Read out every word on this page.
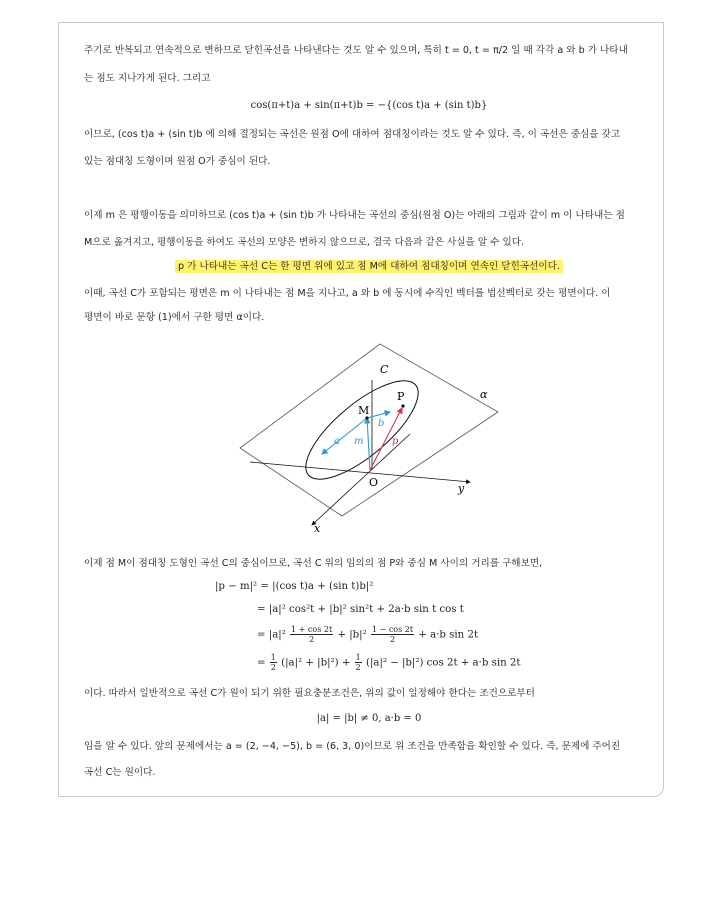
주기로 반복되고 연속적으로 변하므로 닫힌곡선을 나타낸다는 것도 알 수 있으며, 특히 t = 0, t = π/2 일 때 각각 a 와 b 가 나타내

는 점도 지나가게 된다. 그리고

cos(π+t)a + sin(π+t)b = −{(cos t)a + (sin t)b}

이므로, (cos t)a + (sin t)b 에 의해 결정되는 곡선은 원점 O에 대하여 점대칭이라는 것도 알 수 있다. 즉, 이 곡선은 중심을 갖고

있는 점대칭 도형이며 원점 O가 중심이 된다.

이제 m 은 평행이동을 의미하므로 (cos t)a + (sin t)b 가 나타내는 곡선의 중심(원점 O)는 아래의 그림과 같이 m 이 나타내는 점

M으로 옮겨지고, 평행이동을 하여도 곡선의 모양은 변하지 않으므로, 결국 다음과 같은 사실을 알 수 있다.

p 가 나타내는 곡선 C는 한 평면 위에 있고 점 M에 대하여 점대칭이며 연속인 닫힌곡선이다.

이때, 곡선 C가 포함되는 평면은 m 이 나타내는 점 M을 지나고, a 와 b 에 동시에 수직인 벡터를 법선벡터로 갖는 평면이다. 이

평면이 바로 문항 (1)에서 구한 평면 α이다.

C
α
M
P
b
a m	p
O	y
x

이제 점 M이 점대칭 도형인 곡선 C의 중심이므로, 곡선 C 위의 임의의 점 P와 중심 M 사이의 거리를 구해보면,

|p − m|² = |(cos t)a + (sin t)b|²
= |a|² cos²t + |b|² sin²t + 2a·b sin t cos t
= $|a|^2 \frac{1 + \cos 2t}{2} + |b|^2 \frac{1 - \cos 2t}{2} + a\cdot b$ sin 2t
= $\frac{1}{2} (|a|^2 + |b|^2) + \frac{1}{2} (|a|^2 - |b|^2)$ cos 2t + a·b sin 2t

이다. 따라서 일반적으로 곡선 C가 원이 되기 위한 필요충분조건은, 위의 값이 일정해야 한다는 조건으로부터

|a| = |b| ≠ 0, a·b = 0

임을 알 수 있다. 앞의 문제에서는 a = (2, −4, −5), b = (6, 3, 0)이므로 위 조건을 만족함을 확인할 수 있다. 즉, 문제에 주어진

곡선 C는 원이다.
